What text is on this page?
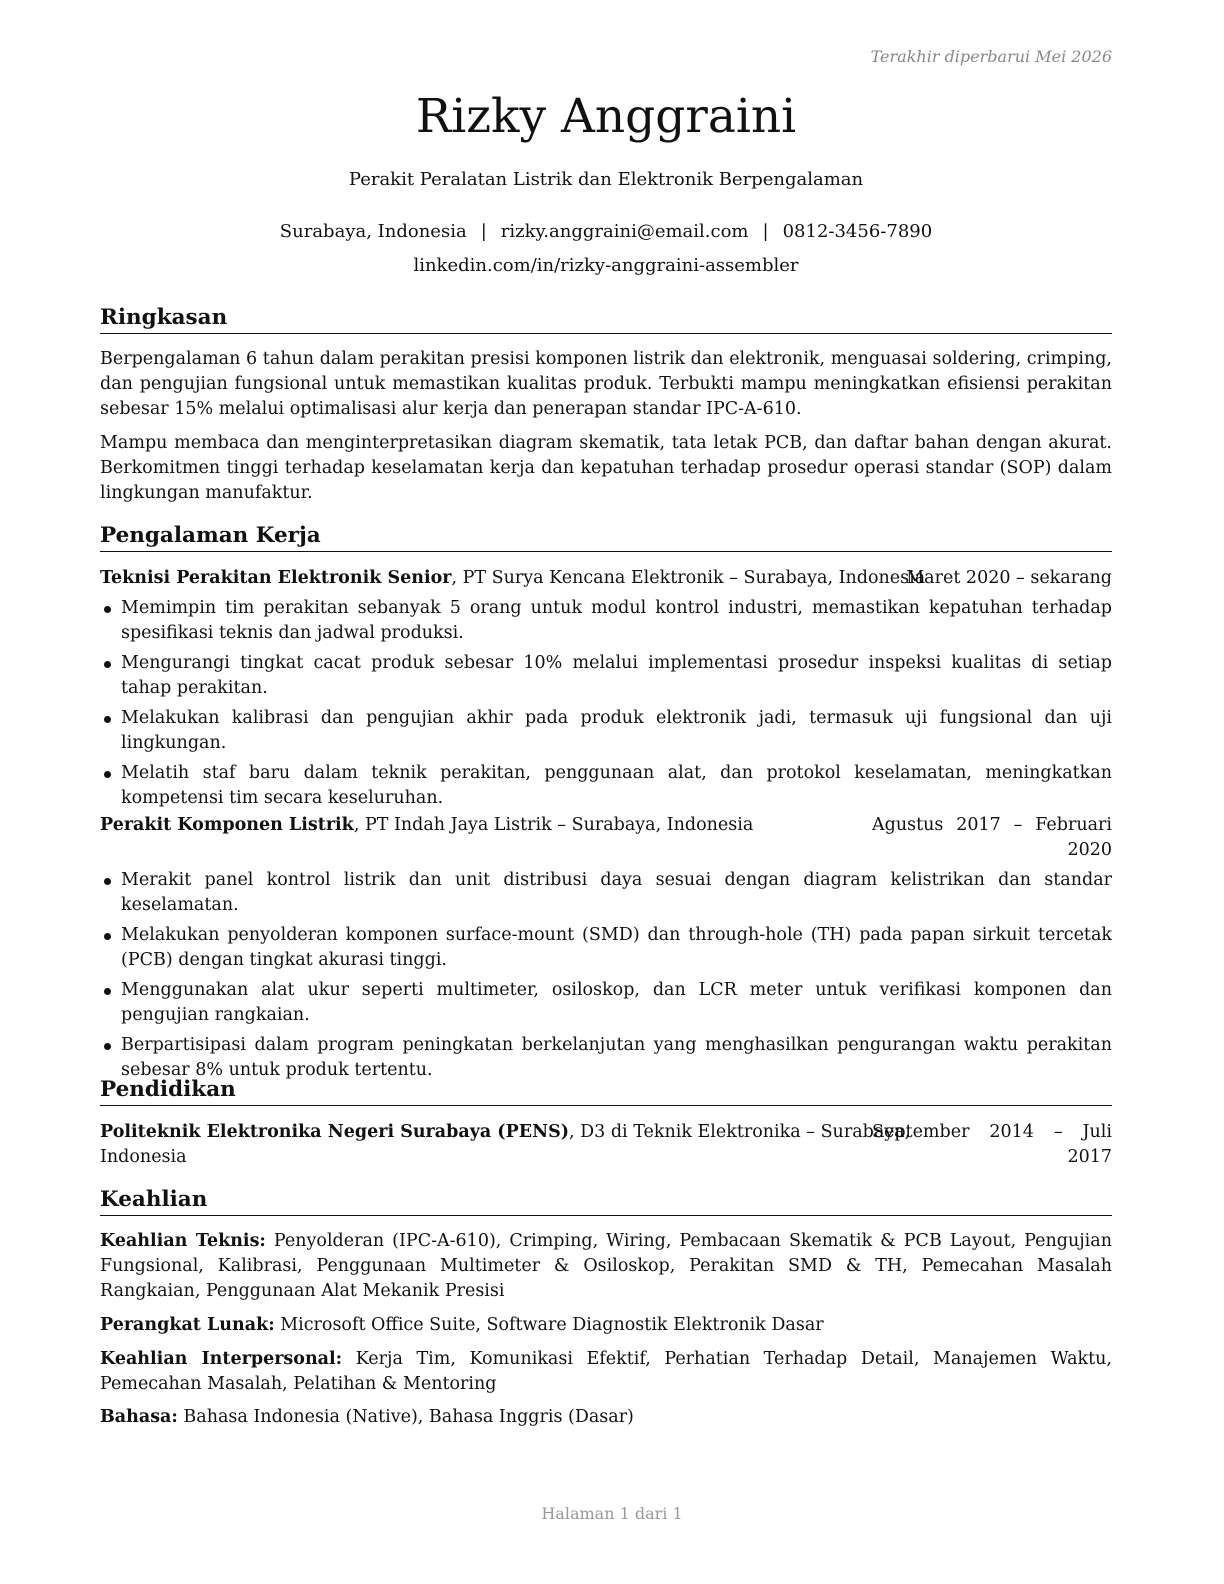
Terakhir diperbarui Mei 2026
Rizky Anggraini
Perakit Peralatan Listrik dan Elektronik Berpengalaman
Surabaya, Indonesia | rizky.anggraini@email.com | 0812-3456-7890
linkedin.com/in/rizky-anggraini-assembler
Ringkasan
Berpengalaman 6 tahun dalam perakitan presisi komponen listrik dan elektronik, menguasai soldering, crimping, dan pengujian fungsional untuk memastikan kualitas produk. Terbukti mampu meningkatkan efisiensi perakitan sebesar 15% melalui optimalisasi alur kerja dan penerapan standar IPC-A-610.
Mampu membaca dan menginterpretasikan diagram skematik, tata letak PCB, dan daftar bahan dengan akurat. Berkomitmen tinggi terhadap keselamatan kerja dan kepatuhan terhadap prosedur operasi standar (SOP) dalam lingkungan manufaktur.
Pengalaman Kerja
Teknisi Perakitan Elektronik Senior, PT Surya Kencana Elektronik – Surabaya, Indonesia
Maret 2020 – sekarang
Memimpin tim perakitan sebanyak 5 orang untuk modul kontrol industri, memastikan kepatuhan terhadap spesifikasi teknis dan jadwal produksi.
Mengurangi tingkat cacat produk sebesar 10% melalui implementasi prosedur inspeksi kualitas di setiap tahap perakitan.
Melakukan kalibrasi dan pengujian akhir pada produk elektronik jadi, termasuk uji fungsional dan uji lingkungan.
Melatih staf baru dalam teknik perakitan, penggunaan alat, dan protokol keselamatan, meningkatkan kompetensi tim secara keseluruhan.
Perakit Komponen Listrik, PT Indah Jaya Listrik – Surabaya, Indonesia	Agustus 2017 – Februari
2020
Merakit panel kontrol listrik dan unit distribusi daya sesuai dengan diagram kelistrikan dan standar keselamatan.
Melakukan penyolderan komponen surface-mount (SMD) dan through-hole (TH) pada papan sirkuit tercetak (PCB) dengan tingkat akurasi tinggi.
Menggunakan alat ukur seperti multimeter, osiloskop, dan LCR meter untuk verifikasi komponen dan pengujian rangkaian.
Berpartisipasi dalam program peningkatan berkelanjutan yang menghasilkan pengurangan waktu perakitan sebesar 8% untuk produk tertentu.
Pendidikan
Politeknik Elektronika Negeri Surabaya (PENS), D3 di Teknik Elektronika – Surabaya,
Indonesia
September 2014 – Juli
2017
Keahlian
Keahlian Teknis: Penyolderan (IPC-A-610), Crimping, Wiring, Pembacaan Skematik & PCB Layout, Pengujian Fungsional, Kalibrasi, Penggunaan Multimeter & Osiloskop, Perakitan SMD & TH, Pemecahan Masalah Rangkaian, Penggunaan Alat Mekanik Presisi
Perangkat Lunak: Microsoft Office Suite, Software Diagnostik Elektronik Dasar
Keahlian Interpersonal: Kerja Tim, Komunikasi Efektif, Perhatian Terhadap Detail, Manajemen Waktu, Pemecahan Masalah, Pelatihan & Mentoring
Bahasa: Bahasa Indonesia (Native), Bahasa Inggris (Dasar)
Halaman 1 dari 1
